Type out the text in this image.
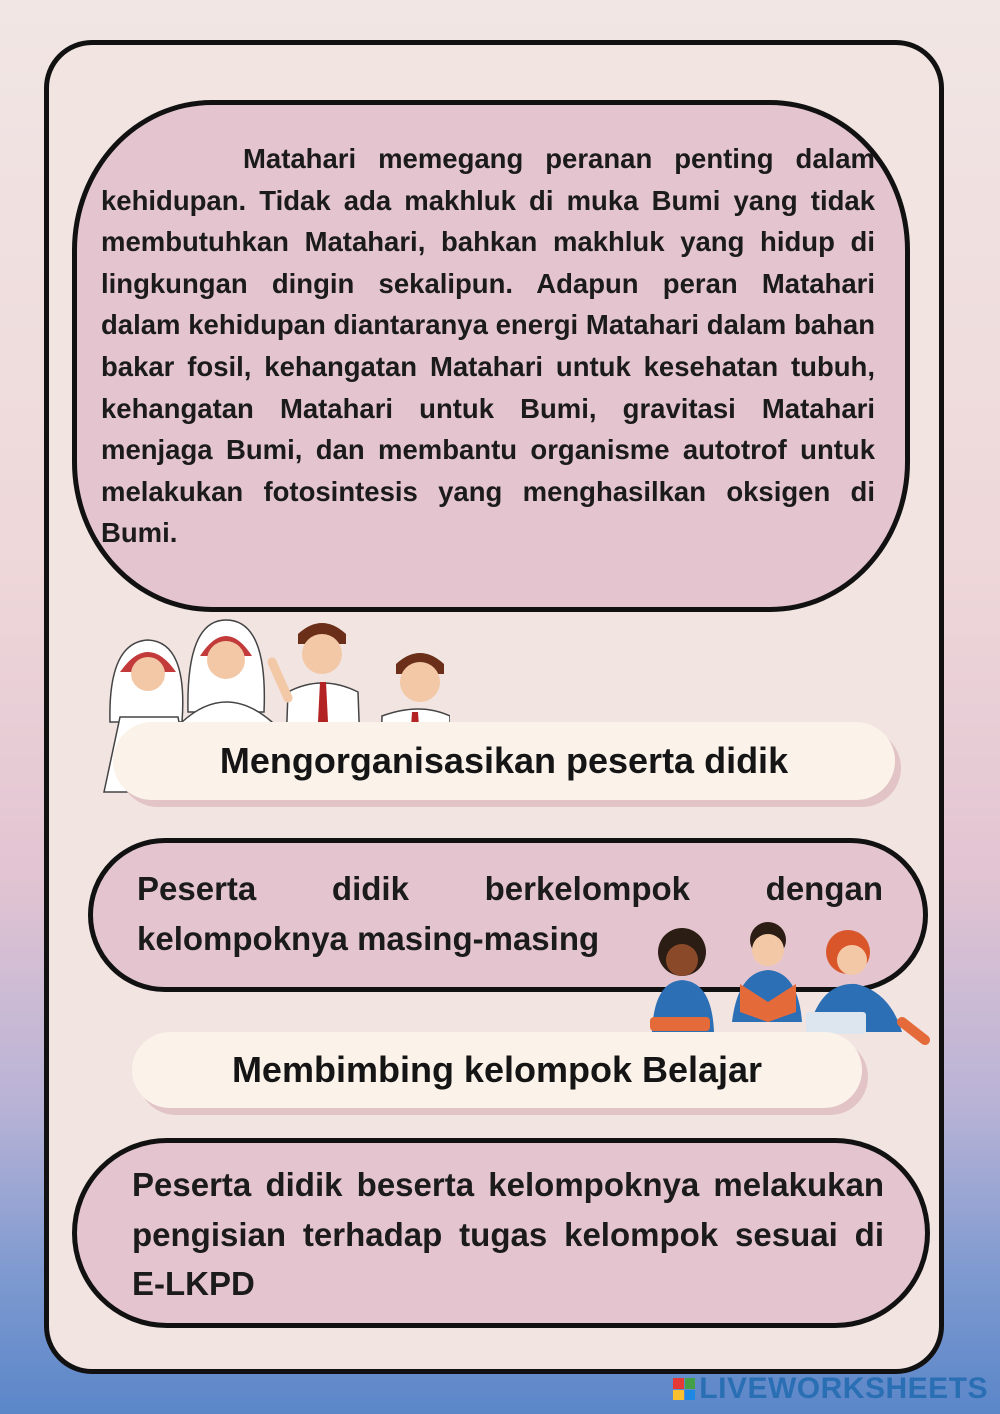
Matahari memegang peranan penting dalam kehidupan. Tidak ada makhluk di muka Bumi yang tidak membutuhkan Matahari, bahkan makhluk yang hidup di lingkungan dingin sekalipun. Adapun peran Matahari dalam kehidupan diantaranya energi Matahari dalam bahan bakar fosil, kehangatan Matahari untuk kesehatan tubuh, kehangatan Matahari untuk Bumi, gravitasi Matahari menjaga Bumi, dan membantu organisme autotrof untuk melakukan fotosintesis yang menghasilkan oksigen di Bumi.
Mengorganisasikan peserta didik
Peserta didik berkelompok dengan kelompoknya masing-masing
Membimbing kelompok Belajar
Peserta didik beserta kelompoknya melakukan pengisian terhadap tugas kelompok sesuai di E-LKPD
LIVEWORKSHEETS
